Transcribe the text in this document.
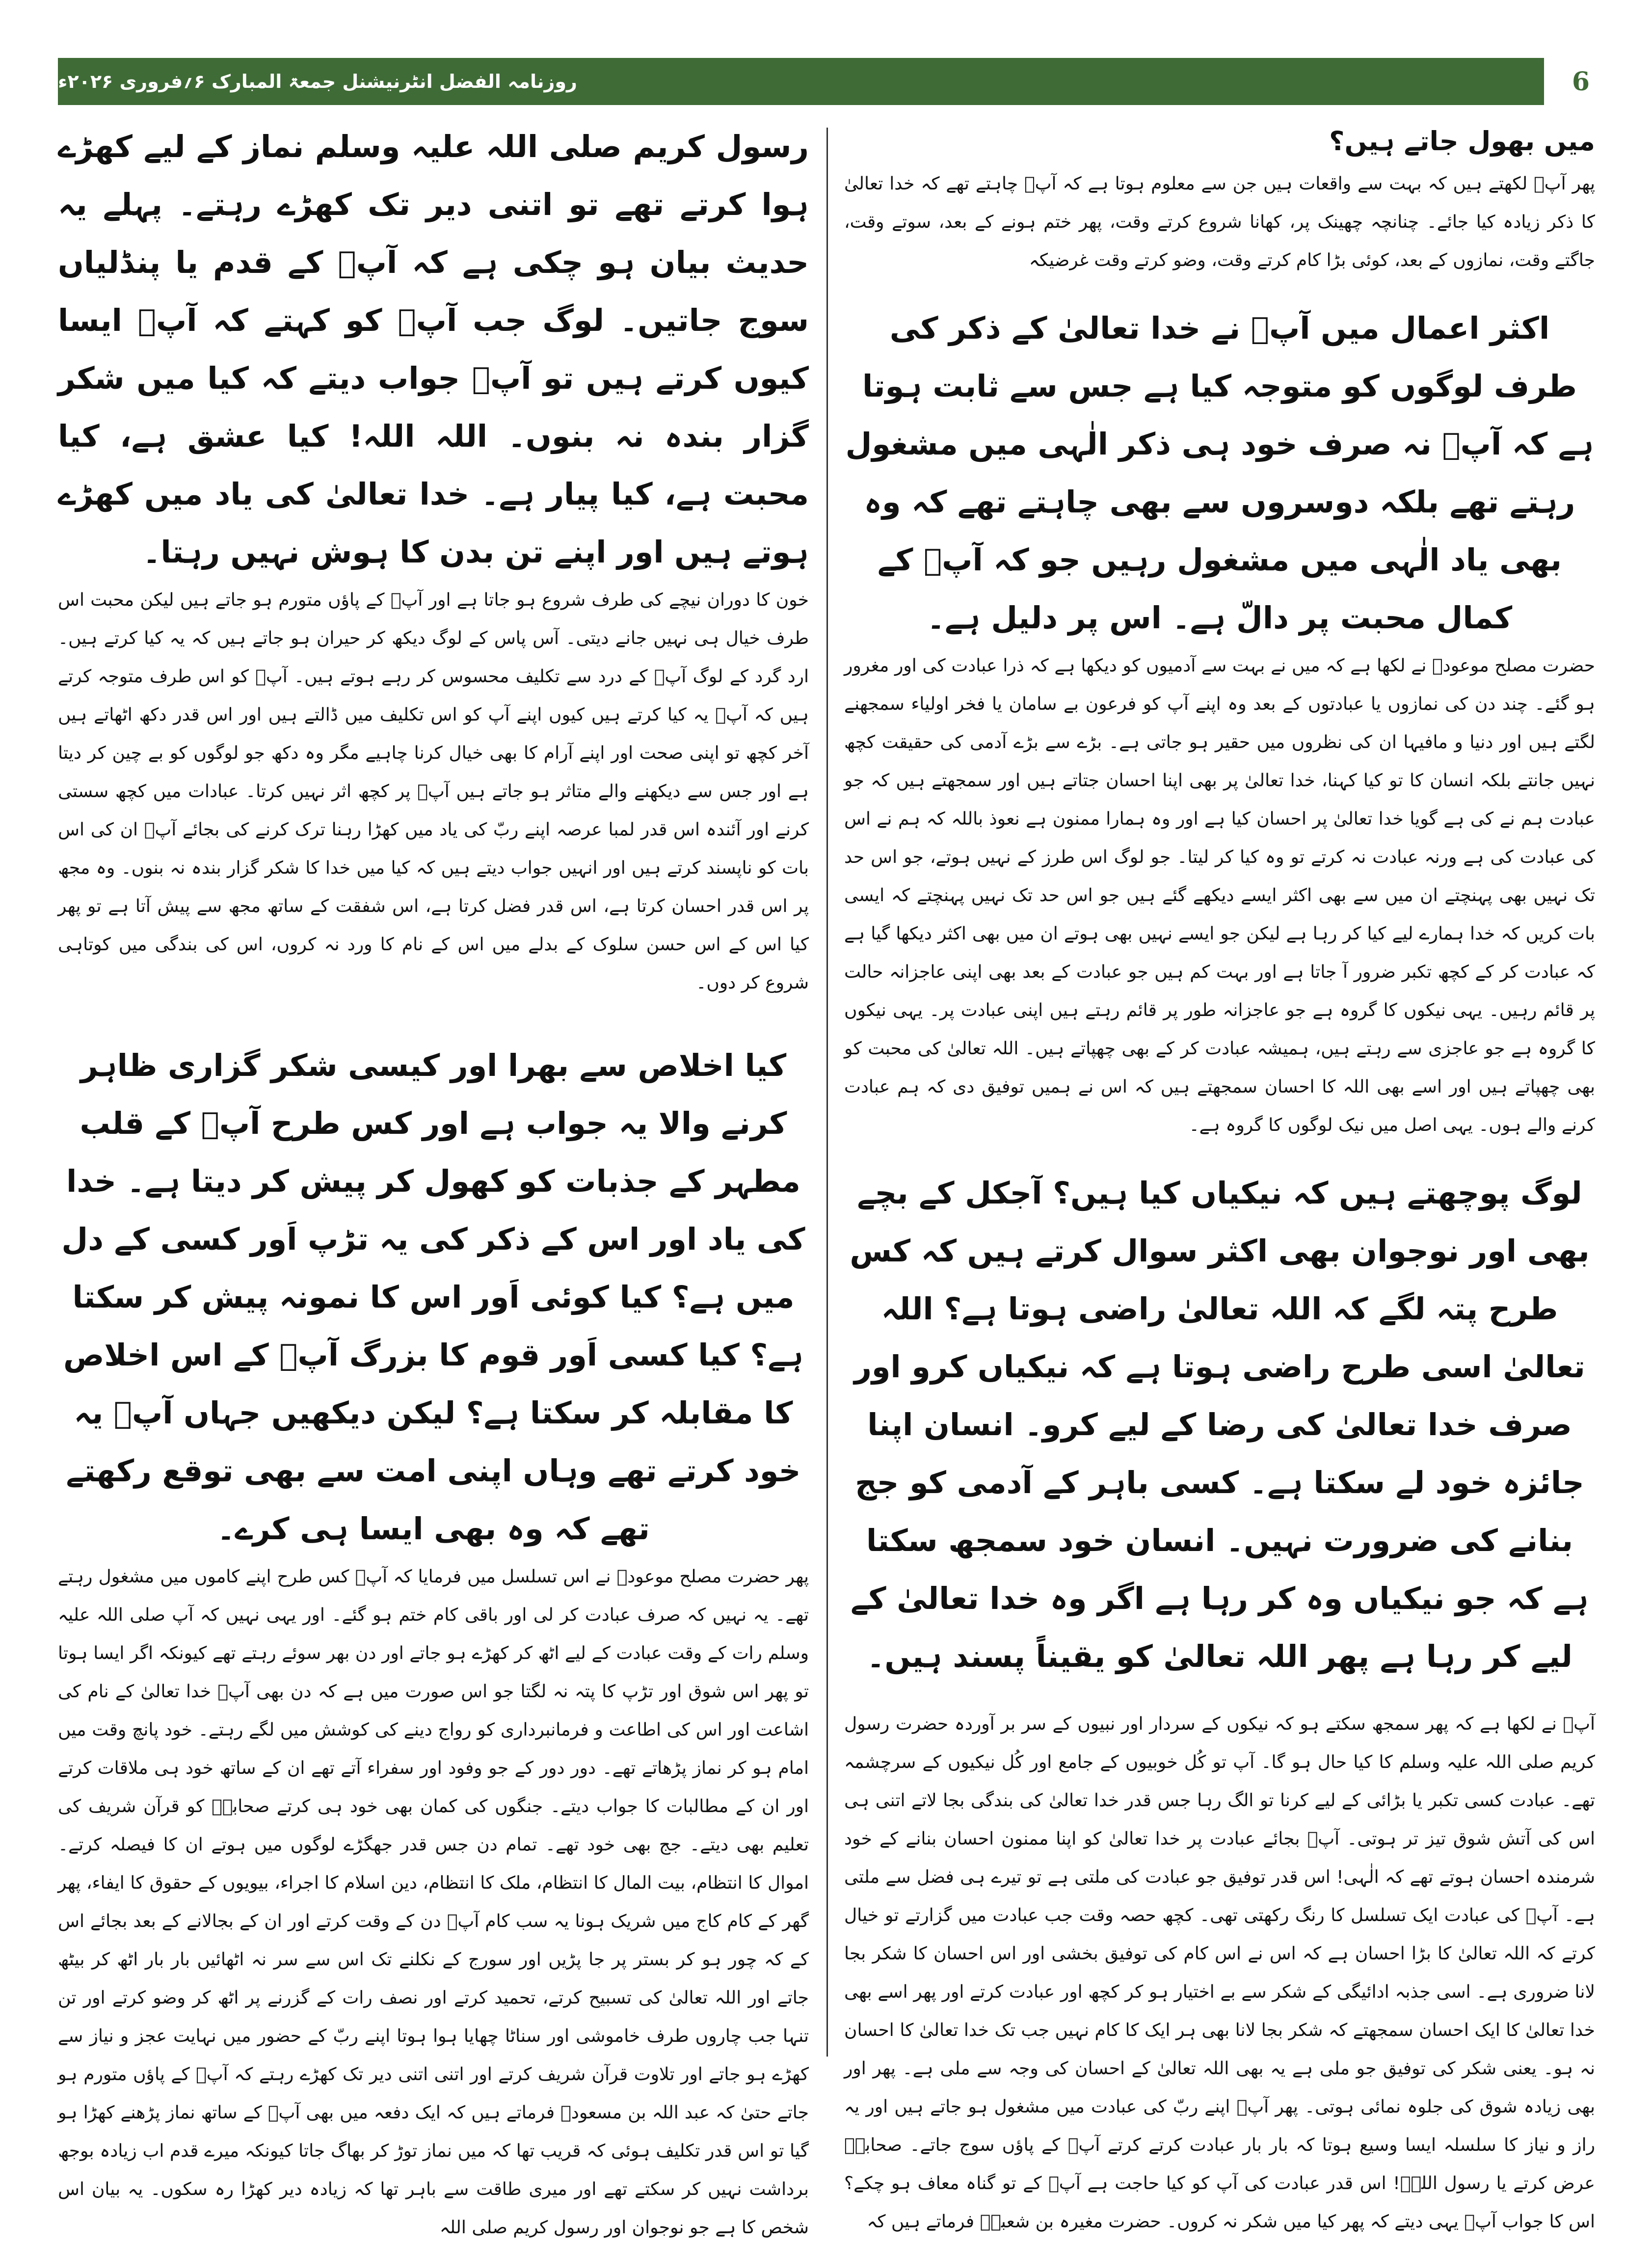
روزنامہ الفضل انٹرنیشنل جمعۃ المبارک ۶؍فروری ۲۰۲۶ء	6

میں بھول جاتے ہیں؟

پھر آپؓ لکھتے ہیں کہ بہت سے واقعات ہیں جن سے معلوم ہوتا ہے کہ آپؐ چاہتے تھے کہ خدا تعالیٰ کا ذکر زیادہ کیا جائے۔ چنانچہ چھینک پر، کھانا شروع کرتے وقت، پھر ختم ہونے کے بعد، سوتے وقت، جاگتے وقت، نمازوں کے بعد، کوئی بڑا کام کرتے وقت، وضو کرتے وقت غرضیکہ

اکثر اعمال میں آپؐ نے خدا تعالیٰ کے ذکر کی طرف لوگوں کو متوجہ کیا ہے جس سے ثابت ہوتا ہے کہ آپؐ نہ صرف خود ہی ذکر الٰہی میں مشغول رہتے تھے بلکہ دوسروں سے بھی چاہتے تھے کہ وہ بھی یاد الٰہی میں مشغول رہیں جو کہ آپؐ کے کمال محبت پر دالّ ہے۔ اس پر دلیل ہے۔

حضرت مصلح موعودؓ نے لکھا ہے کہ میں نے بہت سے آدمیوں کو دیکھا ہے کہ ذرا عبادت کی اور مغرور ہو گئے۔ چند دن کی نمازوں یا عبادتوں کے بعد وہ اپنے آپ کو فرعون بے سامان یا فخر اولیاء سمجھنے لگتے ہیں اور دنیا و مافیہا ان کی نظروں میں حقیر ہو جاتی ہے۔ بڑے سے بڑے آدمی کی حقیقت کچھ نہیں جانتے بلکہ انسان کا تو کیا کہنا، خدا تعالیٰ پر بھی اپنا احسان جتاتے ہیں اور سمجھتے ہیں کہ جو عبادت ہم نے کی ہے گویا خدا تعالیٰ پر احسان کیا ہے اور وہ ہمارا ممنون ہے نعوذ باللہ کہ ہم نے اس کی عبادت کی ہے ورنہ عبادت نہ کرتے تو وہ کیا کر لیتا۔ جو لوگ اس طرز کے نہیں ہوتے، جو اس حد تک نہیں بھی پہنچتے ان میں سے بھی اکثر ایسے دیکھے گئے ہیں جو اس حد تک نہیں پہنچتے کہ ایسی بات کریں کہ خدا ہمارے لیے کیا کر رہا ہے لیکن جو ایسے نہیں بھی ہوتے ان میں بھی اکثر دیکھا گیا ہے کہ عبادت کر کے کچھ تکبر ضرور آ جاتا ہے اور بہت کم ہیں جو عبادت کے بعد بھی اپنی عاجزانہ حالت پر قائم رہیں۔ یہی نیکوں کا گروہ ہے جو عاجزانہ طور پر قائم رہتے ہیں اپنی عبادت پر۔ یہی نیکوں کا گروہ ہے جو عاجزی سے رہتے ہیں، ہمیشہ عبادت کر کے بھی چھپاتے ہیں۔ اللہ تعالیٰ کی محبت کو بھی چھپاتے ہیں اور اسے بھی اللہ کا احسان سمجھتے ہیں کہ اس نے ہمیں توفیق دی کہ ہم عبادت کرنے والے ہوں۔ یہی اصل میں نیک لوگوں کا گروہ ہے۔

لوگ پوچھتے ہیں کہ نیکیاں کیا ہیں؟ آجکل کے بچے بھی اور نوجوان بھی اکثر سوال کرتے ہیں کہ کس طرح پتہ لگے کہ اللہ تعالیٰ راضی ہوتا ہے؟ اللہ تعالیٰ اسی طرح راضی ہوتا ہے کہ نیکیاں کرو اور صرف خدا تعالیٰ کی رضا کے لیے کرو۔ انسان اپنا جائزہ خود لے سکتا ہے۔ کسی باہر کے آدمی کو جج بنانے کی ضرورت نہیں۔ انسان خود سمجھ سکتا ہے کہ جو نیکیاں وہ کر رہا ہے اگر وہ خدا تعالیٰ کے لیے کر رہا ہے پھر اللہ تعالیٰ کو یقیناً پسند ہیں۔

آپؓ نے لکھا ہے کہ پھر سمجھ سکتے ہو کہ نیکوں کے سردار اور نبیوں کے سر بر آوردہ حضرت رسول کریم صلی اللہ علیہ وسلم کا کیا حال ہو گا۔ آپ تو کُل خوبیوں کے جامع اور کُل نیکیوں کے سرچشمہ تھے۔ عبادت کسی تکبر یا بڑائی کے لیے کرنا تو الگ رہا جس قدر خدا تعالیٰ کی بندگی بجا لاتے اتنی ہی اس کی آتش شوق تیز تر ہوتی۔ آپؐ بجائے عبادت پر خدا تعالیٰ کو اپنا ممنون احسان بنانے کے خود شرمندہ احسان ہوتے تھے کہ الٰہی! اس قدر توفیق جو عبادت کی ملتی ہے تو تیرے ہی فضل سے ملتی ہے۔ آپؐ کی عبادت ایک تسلسل کا رنگ رکھتی تھی۔ کچھ حصہ وقت جب عبادت میں گزارتے تو خیال کرتے کہ اللہ تعالیٰ کا بڑا احسان ہے کہ اس نے اس کام کی توفیق بخشی اور اس احسان کا شکر بجا لانا ضروری ہے۔ اسی جذبہ ادائیگی کے شکر سے بے اختیار ہو کر کچھ اور عبادت کرتے اور پھر اسے بھی خدا تعالیٰ کا ایک احسان سمجھتے کہ شکر بجا لانا بھی ہر ایک کا کام نہیں جب تک خدا تعالیٰ کا احسان نہ ہو۔ یعنی شکر کی توفیق جو ملی ہے یہ بھی اللہ تعالیٰ کے احسان کی وجہ سے ملی ہے۔ پھر اور بھی زیادہ شوق کی جلوہ نمائی ہوتی۔ پھر آپؐ اپنے ربّ کی عبادت میں مشغول ہو جاتے ہیں اور یہ راز و نیاز کا سلسلہ ایسا وسیع ہوتا کہ بار بار عبادت کرتے کرتے آپؐ کے پاؤں سوج جاتے۔ صحابہؓ عرض کرتے یا رسول اللہؐ! اس قدر عبادت کی آپ کو کیا حاجت ہے آپؐ کے تو گناہ معاف ہو چکے؟ اس کا جواب آپؐ یہی دیتے کہ پھر کیا میں شکر نہ کروں۔ حضرت مغیرہ بن شعبہؓ فرماتے ہیں کہ

رسول کریم صلی اللہ علیہ وسلم نماز کے لیے کھڑے ہوا کرتے تھے تو اتنی دیر تک کھڑے رہتے۔ پہلے یہ حدیث بیان ہو چکی ہے کہ آپؐ کے قدم یا پنڈلیاں سوج جاتیں۔ لوگ جب آپؐ کو کہتے کہ آپؐ ایسا کیوں کرتے ہیں تو آپؐ جواب دیتے کہ کیا میں شکر گزار بندہ نہ بنوں۔ اللہ اللہ! کیا عشق ہے، کیا محبت ہے، کیا پیار ہے۔ خدا تعالیٰ کی یاد میں کھڑے ہوتے ہیں اور اپنے تن بدن کا ہوش نہیں رہتا۔

خون کا دوران نیچے کی طرف شروع ہو جاتا ہے اور آپؐ کے پاؤں متورم ہو جاتے ہیں لیکن محبت اس طرف خیال ہی نہیں جانے دیتی۔ آس پاس کے لوگ دیکھ کر حیران ہو جاتے ہیں کہ یہ کیا کرتے ہیں۔ ارد گرد کے لوگ آپؐ کے درد سے تکلیف محسوس کر رہے ہوتے ہیں۔ آپؐ کو اس طرف متوجہ کرتے ہیں کہ آپؐ یہ کیا کرتے ہیں کیوں اپنے آپ کو اس تکلیف میں ڈالتے ہیں اور اس قدر دکھ اٹھاتے ہیں آخر کچھ تو اپنی صحت اور اپنے آرام کا بھی خیال کرنا چاہیے مگر وہ دکھ جو لوگوں کو بے چین کر دیتا ہے اور جس سے دیکھنے والے متاثر ہو جاتے ہیں آپؐ پر کچھ اثر نہیں کرتا۔ عبادات میں کچھ سستی کرنے اور آئندہ اس قدر لمبا عرصہ اپنے ربّ کی یاد میں کھڑا رہنا ترک کرنے کی بجائے آپؐ ان کی اس بات کو ناپسند کرتے ہیں اور انہیں جواب دیتے ہیں کہ کیا میں خدا کا شکر گزار بندہ نہ بنوں۔ وہ مجھ پر اس قدر احسان کرتا ہے، اس قدر فضل کرتا ہے، اس شفقت کے ساتھ مجھ سے پیش آتا ہے تو پھر کیا اس کے اس حسن سلوک کے بدلے میں اس کے نام کا ورد نہ کروں، اس کی بندگی میں کوتاہی شروع کر دوں۔

کیا اخلاص سے بھرا اور کیسی شکر گزاری ظاہر کرنے والا یہ جواب ہے اور کس طرح آپؐ کے قلب مطہر کے جذبات کو کھول کر پیش کر دیتا ہے۔ خدا کی یاد اور اس کے ذکر کی یہ تڑپ اَور کسی کے دل میں ہے؟ کیا کوئی اَور اس کا نمونہ پیش کر سکتا ہے؟ کیا کسی اَور قوم کا بزرگ آپؐ کے اس اخلاص کا مقابلہ کر سکتا ہے؟ لیکن دیکھیں جہاں آپؐ یہ خود کرتے تھے وہاں اپنی امت سے بھی توقع رکھتے تھے کہ وہ بھی ایسا ہی کرے۔

پھر حضرت مصلح موعودؓ نے اس تسلسل میں فرمایا کہ آپؐ کس طرح اپنے کاموں میں مشغول رہتے تھے۔ یہ نہیں کہ صرف عبادت کر لی اور باقی کام ختم ہو گئے۔ اور یہی نہیں کہ آپ صلی اللہ علیہ وسلم رات کے وقت عبادت کے لیے اٹھ کر کھڑے ہو جاتے اور دن بھر سوئے رہتے تھے کیونکہ اگر ایسا ہوتا تو پھر اس شوق اور تڑپ کا پتہ نہ لگتا جو اس صورت میں ہے کہ دن بھی آپؐ خدا تعالیٰ کے نام کی اشاعت اور اس کی اطاعت و فرمانبرداری کو رواج دینے کی کوشش میں لگے رہتے۔ خود پانچ وقت میں امام ہو کر نماز پڑھاتے تھے۔ دور دور کے جو وفود اور سفراء آتے تھے ان کے ساتھ خود ہی ملاقات کرتے اور ان کے مطالبات کا جواب دیتے۔ جنگوں کی کمان بھی خود ہی کرتے صحابہؓ کو قرآن شریف کی تعلیم بھی دیتے۔ جج بھی خود تھے۔ تمام دن جس قدر جھگڑے لوگوں میں ہوتے ان کا فیصلہ کرتے۔ اموال کا انتظام، بیت المال کا انتظام، ملک کا انتظام، دین اسلام کا اجراء، بیویوں کے حقوق کا ایفاء، پھر گھر کے کام کاج میں شریک ہونا یہ سب کام آپؐ دن کے وقت کرتے اور ان کے بجالانے کے بعد بجائے اس کے کہ چور ہو کر بستر پر جا پڑیں اور سورج کے نکلنے تک اس سے سر نہ اٹھائیں بار بار اٹھ کر بیٹھ جاتے اور اللہ تعالیٰ کی تسبیح کرتے، تحمید کرتے اور نصف رات کے گزرنے پر اٹھ کر وضو کرتے اور تن تنہا جب چاروں طرف خاموشی اور سناٹا چھایا ہوا ہوتا اپنے ربّ کے حضور میں نہایت عجز و نیاز سے کھڑے ہو جاتے اور تلاوت قرآن شریف کرتے اور اتنی اتنی دیر تک کھڑے رہتے کہ آپؐ کے پاؤں متورم ہو جاتے حتیٰ کہ عبد اللہ بن مسعودؓ فرماتے ہیں کہ ایک دفعہ میں بھی آپؐ کے ساتھ نماز پڑھنے کھڑا ہو گیا تو اس قدر تکلیف ہوئی کہ قریب تھا کہ میں نماز توڑ کر بھاگ جاتا کیونکہ میرے قدم اب زیادہ بوجھ برداشت نہیں کر سکتے تھے اور میری طاقت سے باہر تھا کہ زیادہ دیر کھڑا رہ سکوں۔ یہ بیان اس شخص کا ہے جو نوجوان اور رسول کریم صلی اللہ
